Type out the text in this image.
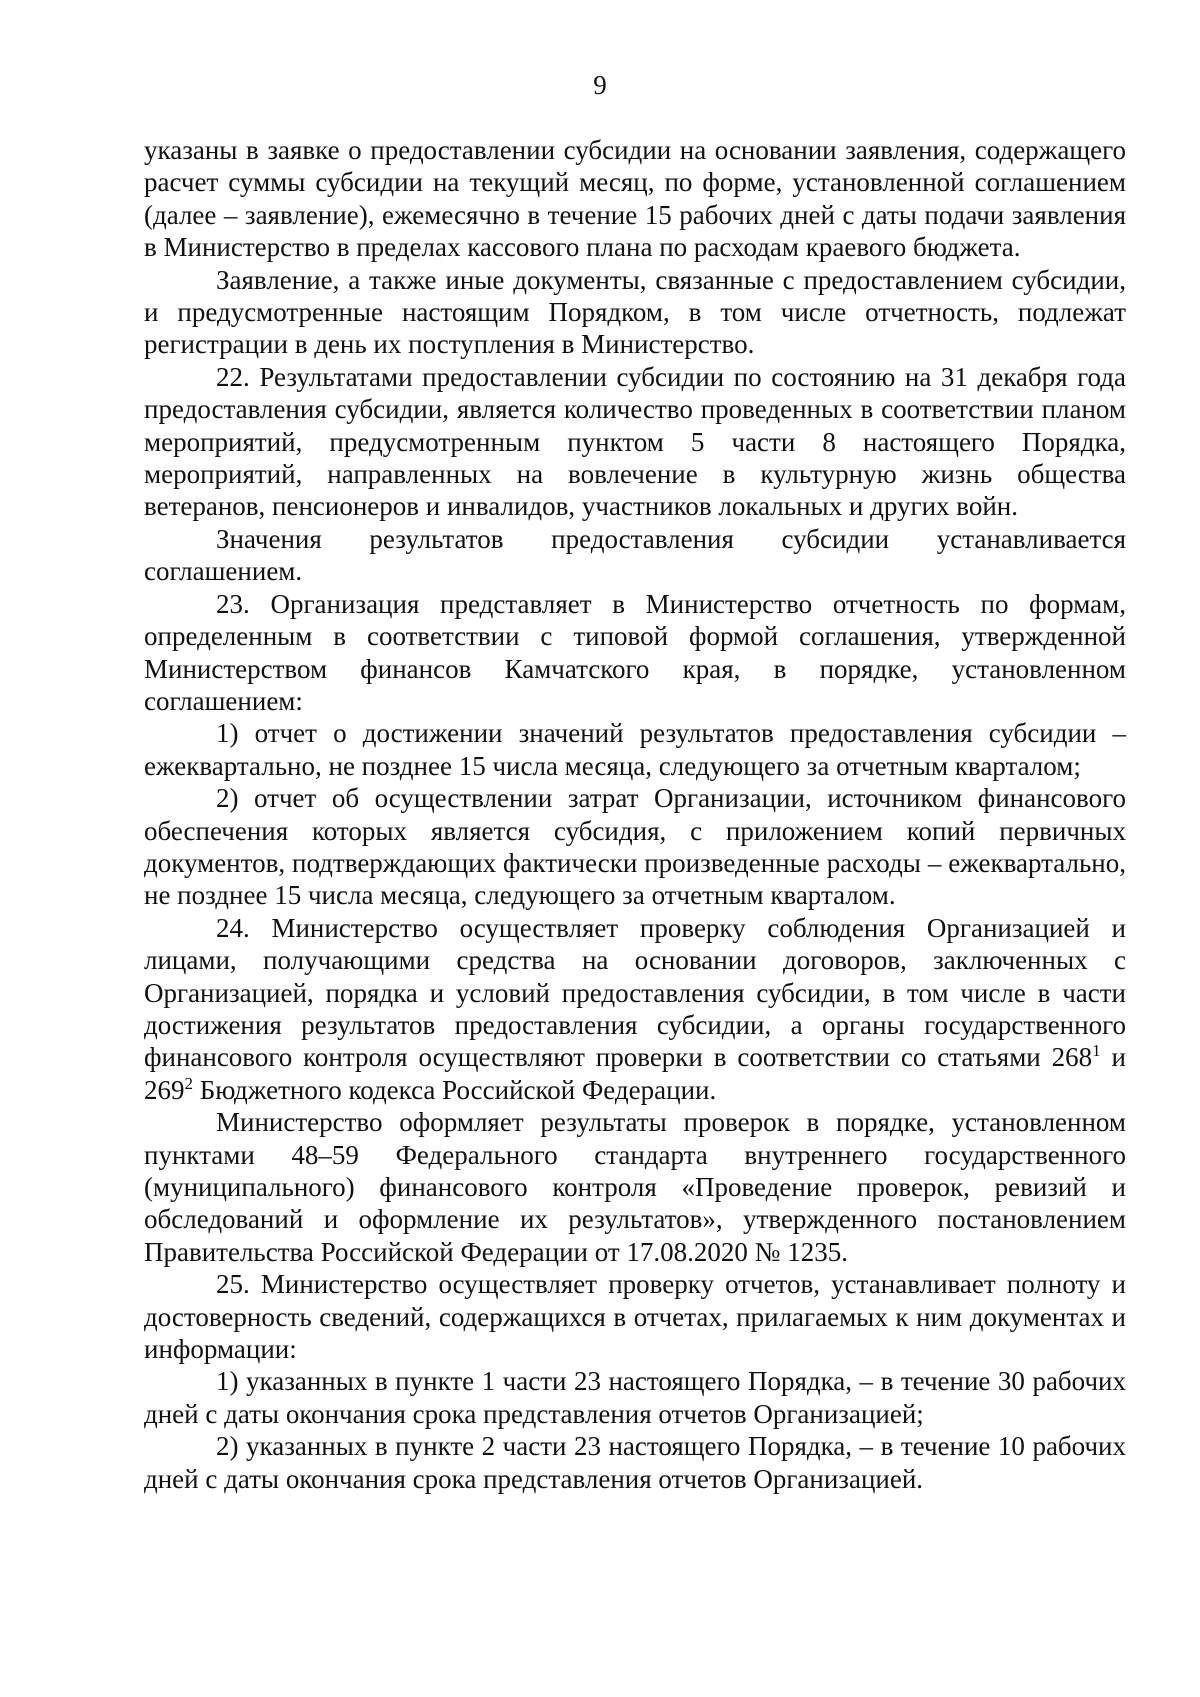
9

указаны в заявке о предоставлении субсидии на основании заявления, содержащего расчет суммы субсидии на текущий месяц, по форме, установленной соглашением (далее – заявление), ежемесячно в течение 15 рабочих дней с даты подачи заявления в Министерство в пределах кассового плана по расходам краевого бюджета.

Заявление, а также иные документы, связанные с предоставлением субсидии, и предусмотренные настоящим Порядком, в том числе отчетность, подлежат регистрации в день их поступления в Министерство.

22. Результатами предоставлении субсидии по состоянию на 31 декабря года предоставления субсидии, является количество проведенных в соответствии планом мероприятий, предусмотренным пунктом 5 части 8 настоящего Порядка, мероприятий, направленных на вовлечение в культурную жизнь общества ветеранов, пенсионеров и инвалидов, участников локальных и других войн.

Значения результатов предоставления субсидии устанавливается соглашением.

23. Организация представляет в Министерство отчетность по формам, определенным в соответствии с типовой формой соглашения, утвержденной Министерством финансов Камчатского края, в порядке, установленном соглашением:

1) отчет о достижении значений результатов предоставления субсидии – ежеквартально, не позднее 15 числа месяца, следующего за отчетным кварталом;

2) отчет об осуществлении затрат Организации, источником финансового обеспечения которых является субсидия, с приложением копий первичных документов, подтверждающих фактически произведенные расходы – ежеквартально, не позднее 15 числа месяца, следующего за отчетным кварталом.

24. Министерство осуществляет проверку соблюдения Организацией и лицами, получающими средства на основании договоров, заключенных с Организацией, порядка и условий предоставления субсидии, в том числе в части достижения результатов предоставления субсидии, а органы государственного финансового контроля осуществляют проверки в соответствии со статьями $268^1$ и $269^2$ Бюджетного кодекса Российской Федерации.

Министерство оформляет результаты проверок в порядке, установленном пунктами 48–59 Федерального стандарта внутреннего государственного (муниципального) финансового контроля «Проведение проверок, ревизий и обследований и оформление их результатов», утвержденного постановлением Правительства Российской Федерации от 17.08.2020 № 1235.

25. Министерство осуществляет проверку отчетов, устанавливает полноту и достоверность сведений, содержащихся в отчетах, прилагаемых к ним документах и информации:

1) указанных в пункте 1 части 23 настоящего Порядка, – в течение 30 рабочих дней с даты окончания срока представления отчетов Организацией;

2) указанных в пункте 2 части 23 настоящего Порядка, – в течение 10 рабочих дней с даты окончания срока представления отчетов Организацией.
